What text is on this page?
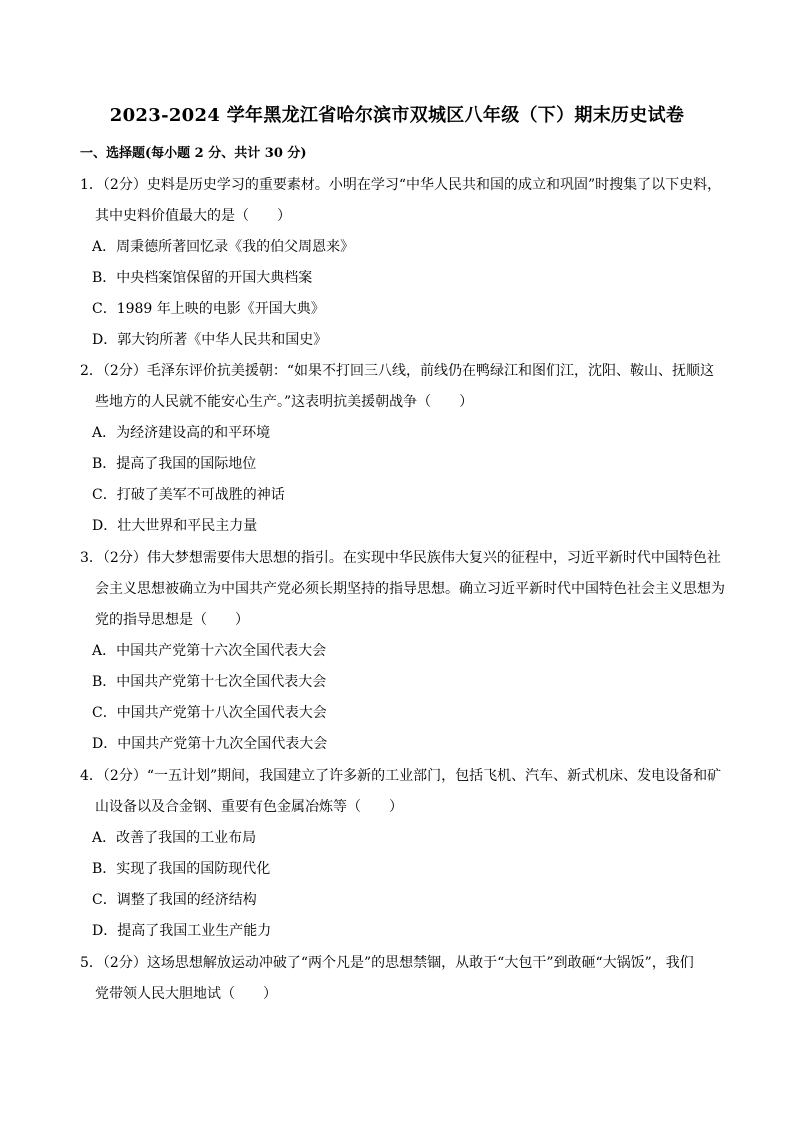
2023-2024 学年黑龙江省哈尔滨市双城区八年级（下）期末历史试卷
一、选择题(每小题 2 分、共计 30 分)
1．（2分）史料是历史学习的重要素材。小明在学习“中华人民共和国的成立和巩固”时搜集了以下史料，
其中史料价值最大的是（　　）
A．周秉德所著回忆录《我的伯父周恩来》
B．中央档案馆保留的开国大典档案
C．1989 年上映的电影《开国大典》
D．郭大钧所著《中华人民共和国史》
2．（2分）毛泽东评价抗美援朝：“如果不打回三八线，前线仍在鸭绿江和图们江，沈阳、鞍山、抚顺这
些地方的人民就不能安心生产。”这表明抗美援朝战争（　　）
A．为经济建设高的和平环境
B．提高了我国的国际地位
C．打破了美军不可战胜的神话
D．壮大世界和平民主力量
3．（2分）伟大梦想需要伟大思想的指引。在实现中华民族伟大复兴的征程中，习近平新时代中国特色社
会主义思想被确立为中国共产党必须长期坚持的指导思想。确立习近平新时代中国特色社会主义思想为
党的指导思想是（　　）
A．中国共产党第十六次全国代表大会
B．中国共产党第十七次全国代表大会
C．中国共产党第十八次全国代表大会
D．中国共产党第十九次全国代表大会
4．（2分）“一五计划”期间，我国建立了许多新的工业部门，包括飞机、汽车、新式机床、发电设备和矿
山设备以及合金钢、重要有色金属冶炼等（　　）
A．改善了我国的工业布局
B．实现了我国的国防现代化
C．调整了我国的经济结构
D．提高了我国工业生产能力
5．（2分）这场思想解放运动冲破了“两个凡是”的思想禁锢，从敢于“大包干”到敢砸“大锅饭”，我们
党带领人民大胆地试（　　）
